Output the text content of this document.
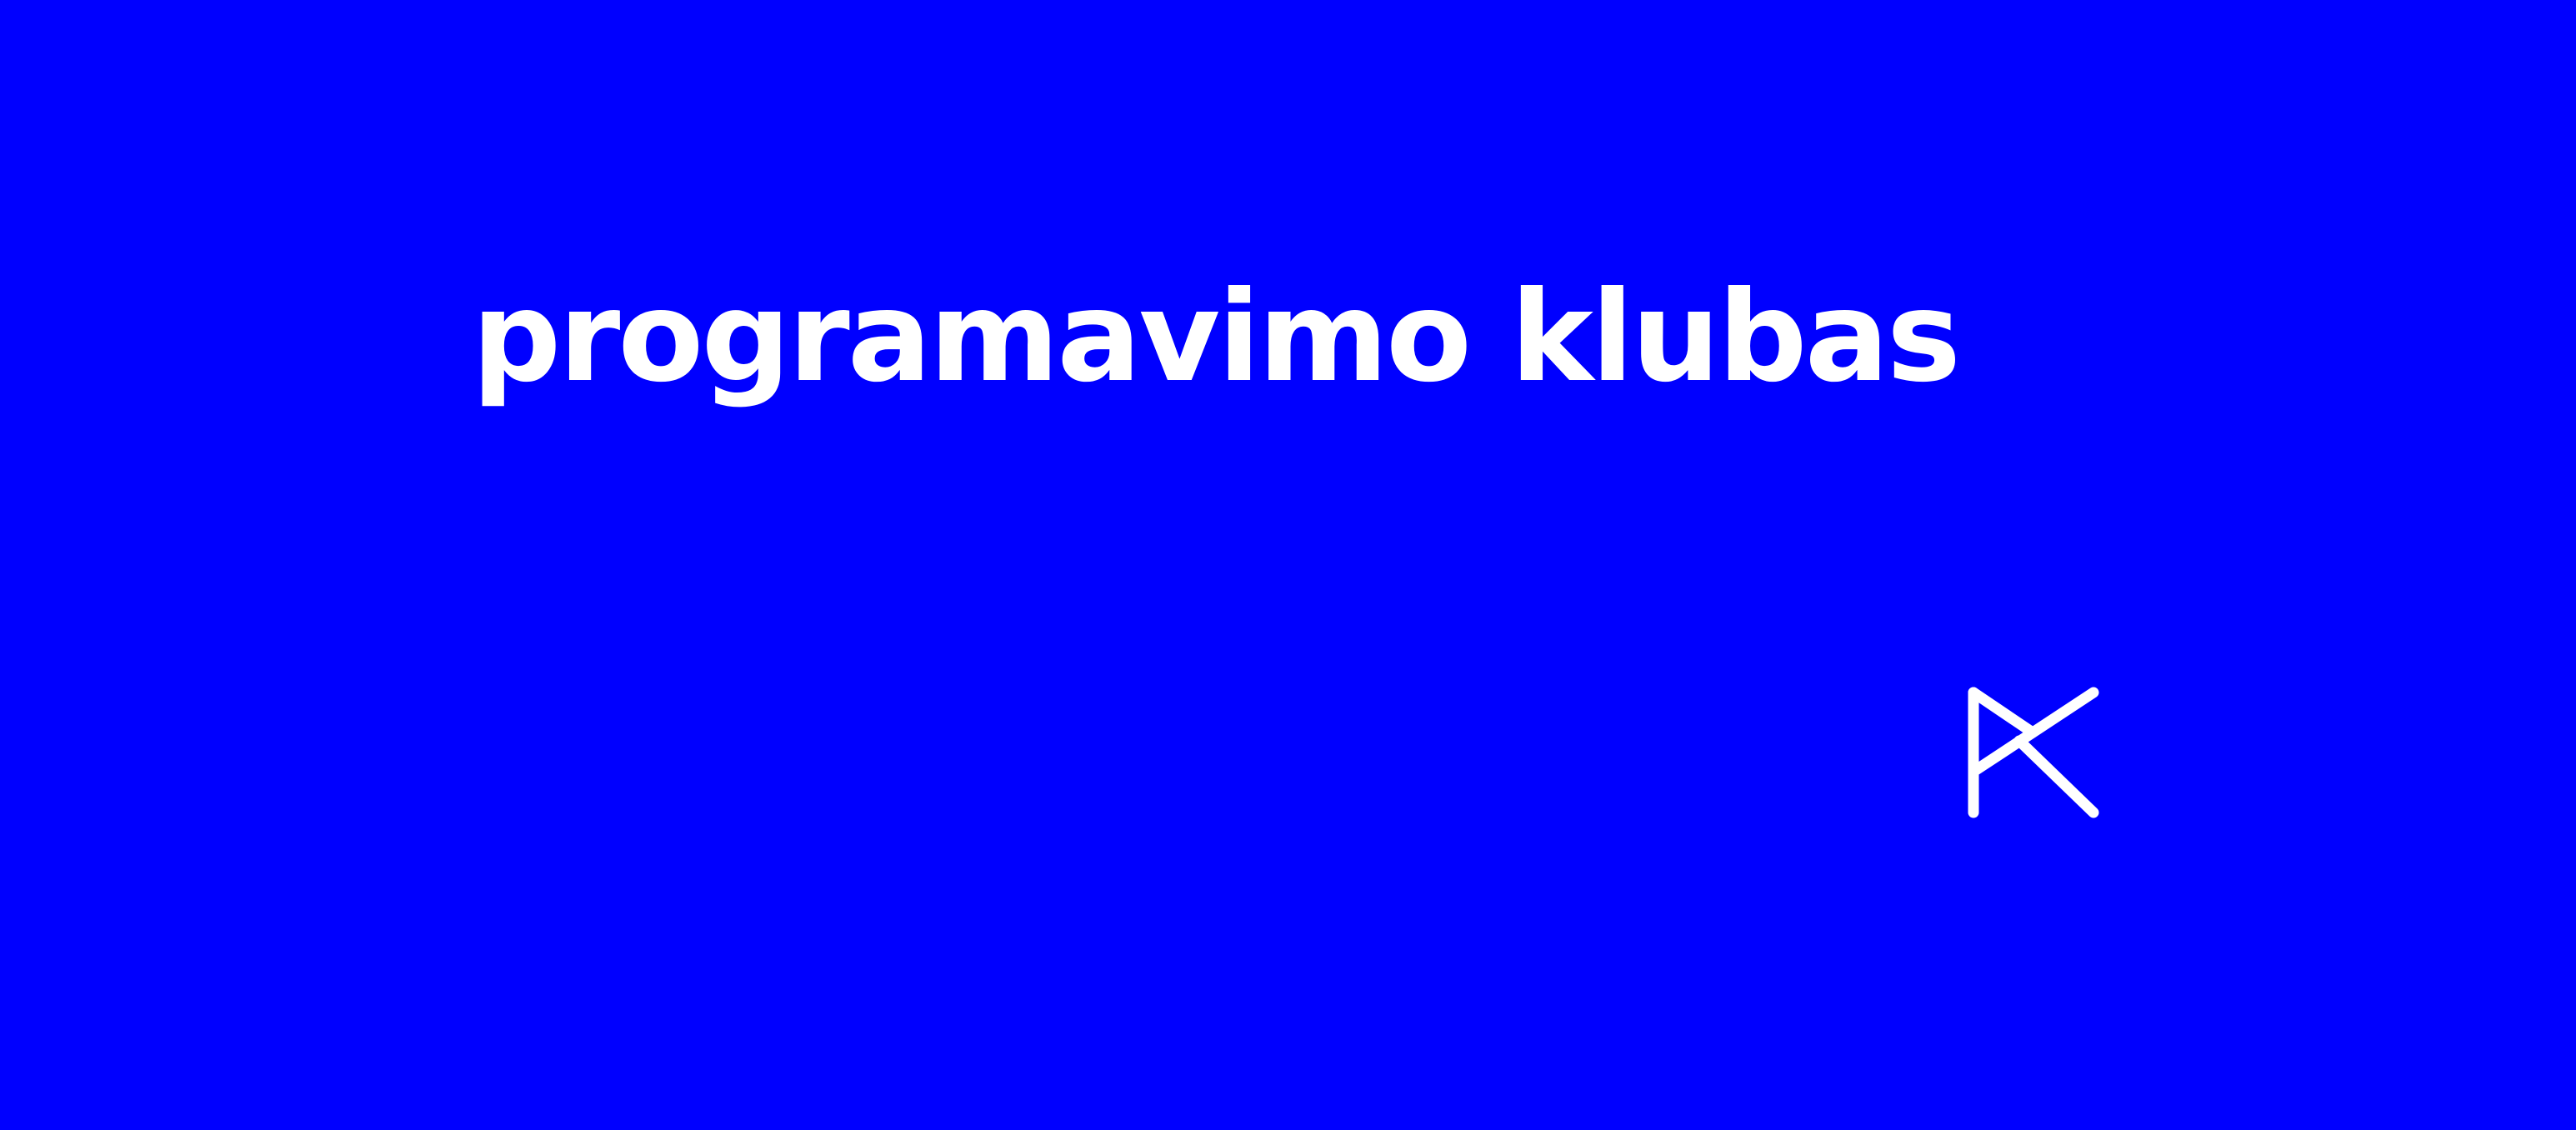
programavimo klubas
